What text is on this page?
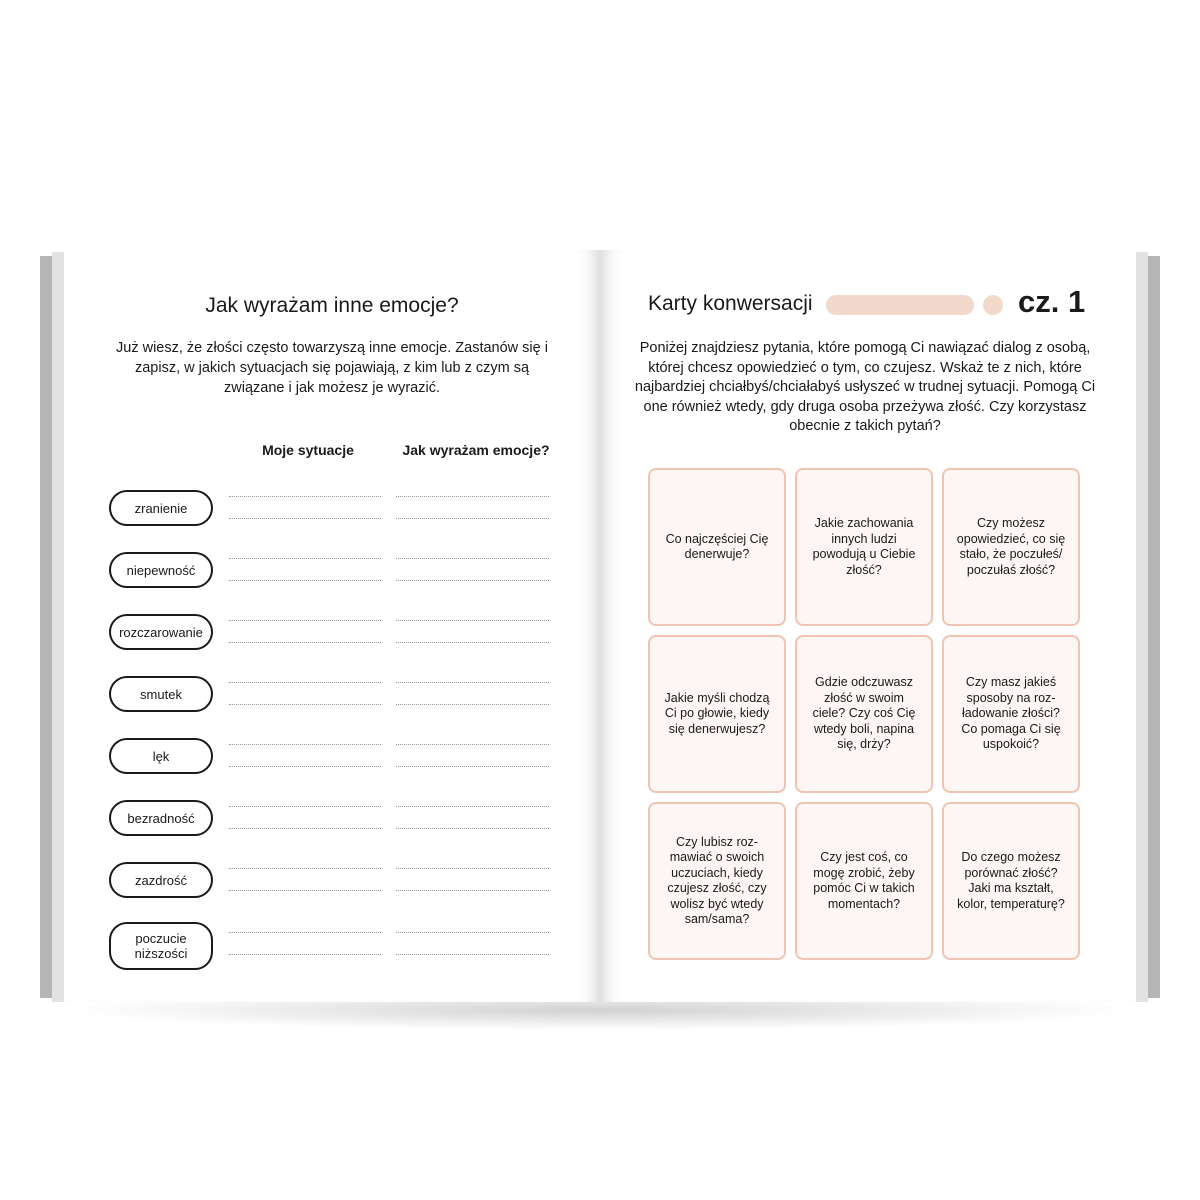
Jak wyrażam inne emocje?
Już wiesz, że złości często towarzyszą inne emocje. Zastanów się i zapisz, w jakich sytuacjach się pojawiają, z kim lub z czym są związane i jak możesz je wyrazić.
Moje sytuacje	Jak wyrażam emocje?
zranienie
niepewność
rozczarowanie
smutek
lęk
bezradność
zazdrość
poczucie niższości
Karty konwersacji	cz. 1
Poniżej znajdziesz pytania, które pomogą Ci nawiązać dialog z osobą, której chcesz opowiedzieć o tym, co czujesz. Wskaż te z nich, które najbardziej chciałbyś/chciałabyś usłyszeć w trudnej sytuacji. Pomogą Ci one również wtedy, gdy druga osoba przeżywa złość. Czy korzystasz obecnie z takich pytań?
Co najczęściej Cię denerwuje?
Jakie zachowania innych ludzi powodują u Ciebie złość?
Czy możesz opowiedzieć, co się stało, że poczułeś/ poczułaś złość?
Jakie myśli chodzą Ci po głowie, kiedy się denerwujesz?
Gdzie odczuwasz złość w swoim ciele? Czy coś Cię wtedy boli, napina się, drży?
Czy masz jakieś sposoby na roz- ładowanie złości? Co pomaga Ci się uspokoić?
Czy lubisz roz- mawiać o swoich uczuciach, kiedy czujesz złość, czy wolisz być wtedy sam/sama?
Czy jest coś, co mogę zrobić, żeby pomóc Ci w takich momentach?
Do czego możesz porównać złość? Jaki ma kształt, kolor, temperaturę?
